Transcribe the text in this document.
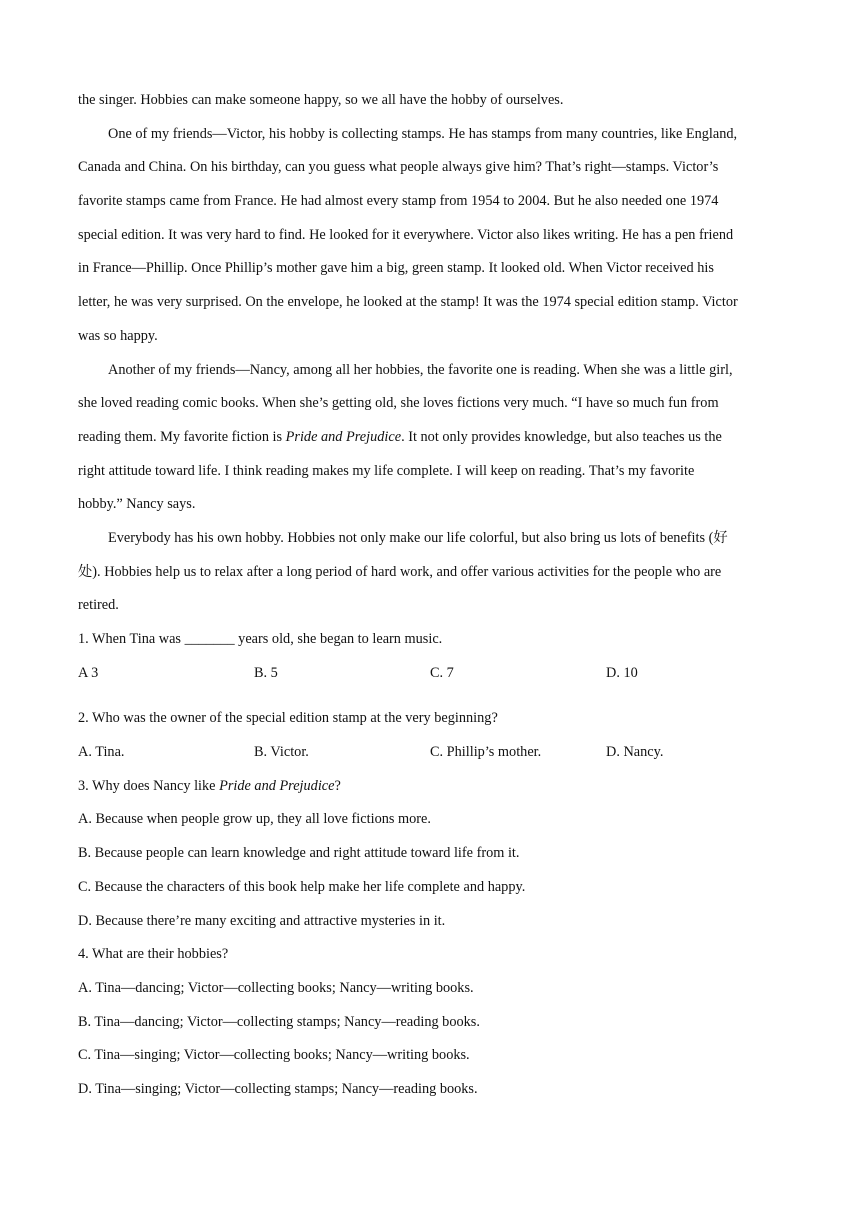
the singer. Hobbies can make someone happy, so we all have the hobby of ourselves.
One of my friends—Victor, his hobby is collecting stamps. He has stamps from many countries, like England,
Canada and China. On his birthday, can you guess what people always give him? That’s right—stamps. Victor’s
favorite stamps came from France. He had almost every stamp from 1954 to 2004. But he also needed one 1974
special edition. It was very hard to find. He looked for it everywhere. Victor also likes writing. He has a pen friend
in France—Phillip. Once Phillip’s mother gave him a big, green stamp. It looked old. When Victor received his
letter, he was very surprised. On the envelope, he looked at the stamp! It was the 1974 special edition stamp. Victor
was so happy.
Another of my friends—Nancy, among all her hobbies, the favorite one is reading. When she was a little girl,
she loved reading comic books. When she’s getting old, she loves fictions very much. “I have so much fun from
reading them. My favorite fiction is Pride and Prejudice. It not only provides knowledge, but also teaches us the
right attitude toward life. I think reading makes my life complete. I will keep on reading. That’s my favorite
hobby.” Nancy says.
Everybody has his own hobby. Hobbies not only make our life colorful, but also bring us lots of benefits (好
处). Hobbies help us to relax after a long period of hard work, and offer various activities for the people who are
retired.
1. When Tina was _______ years old, she began to learn music.
A 3	B. 5	C. 7	D. 10
2. Who was the owner of the special edition stamp at the very beginning?
A. Tina.	B. Victor.	C. Phillip’s mother.	D. Nancy.
3. Why does Nancy like Pride and Prejudice?
A. Because when people grow up, they all love fictions more.
B. Because people can learn knowledge and right attitude toward life from it.
C. Because the characters of this book help make her life complete and happy.
D. Because there’re many exciting and attractive mysteries in it.
4. What are their hobbies?
A. Tina—dancing; Victor—collecting books; Nancy—writing books.
B. Tina—dancing; Victor—collecting stamps; Nancy—reading books.
C. Tina—singing; Victor—collecting books; Nancy—writing books.
D. Tina—singing; Victor—collecting stamps; Nancy—reading books.
